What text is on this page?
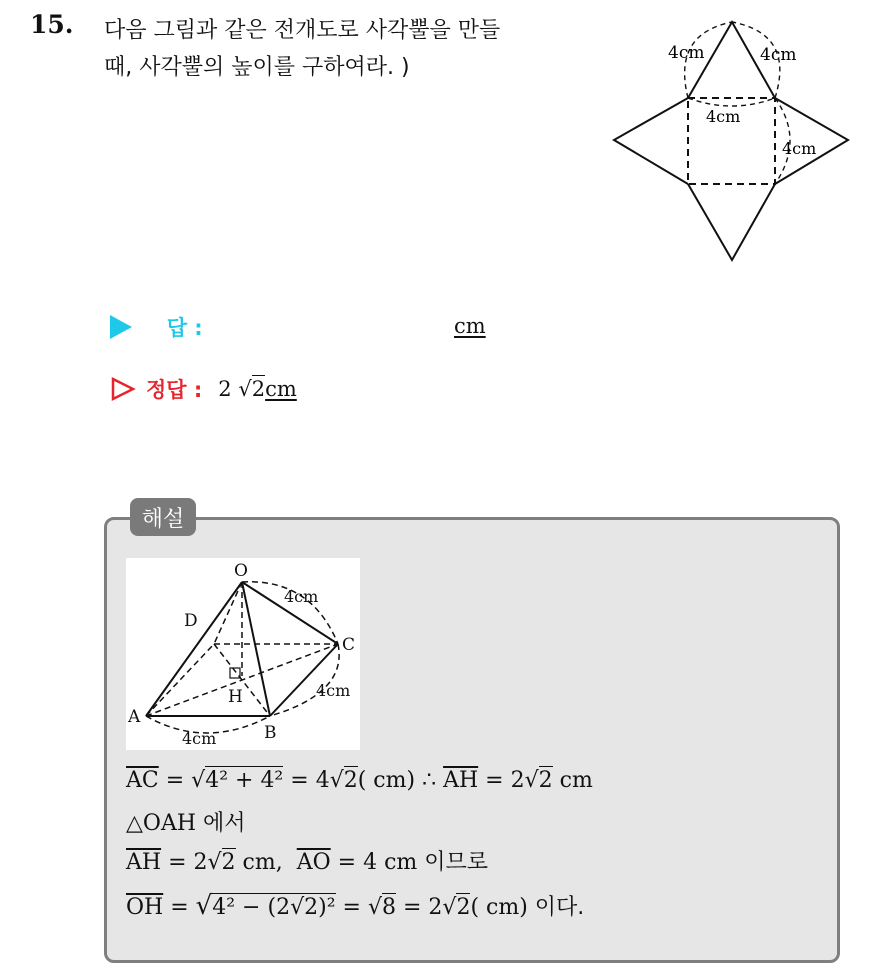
15. 다음 그림과 같은 전개도로 사각뿔을 만들
때, 사각뿔의 높이를 구하여라. )
4cm	4cm
4cm
4cm
답 :	cm
정답 : 2 √2cm
해설
O
A
B
C
D
H
4cm
4cm
4cm
$\overline{AC} = √4^2 + 4^2 = 4√2$( cm) ∴ $\overline{AH} = 2√2$ cm
△OAH 에서
$\overline{AH} = 2√2$ cm, $\overline{AO} = 4$ cm 이므로
$\overline{OH} = √4^2 - (2√2)^2 = √8 = 2√2$( cm) 이다.
